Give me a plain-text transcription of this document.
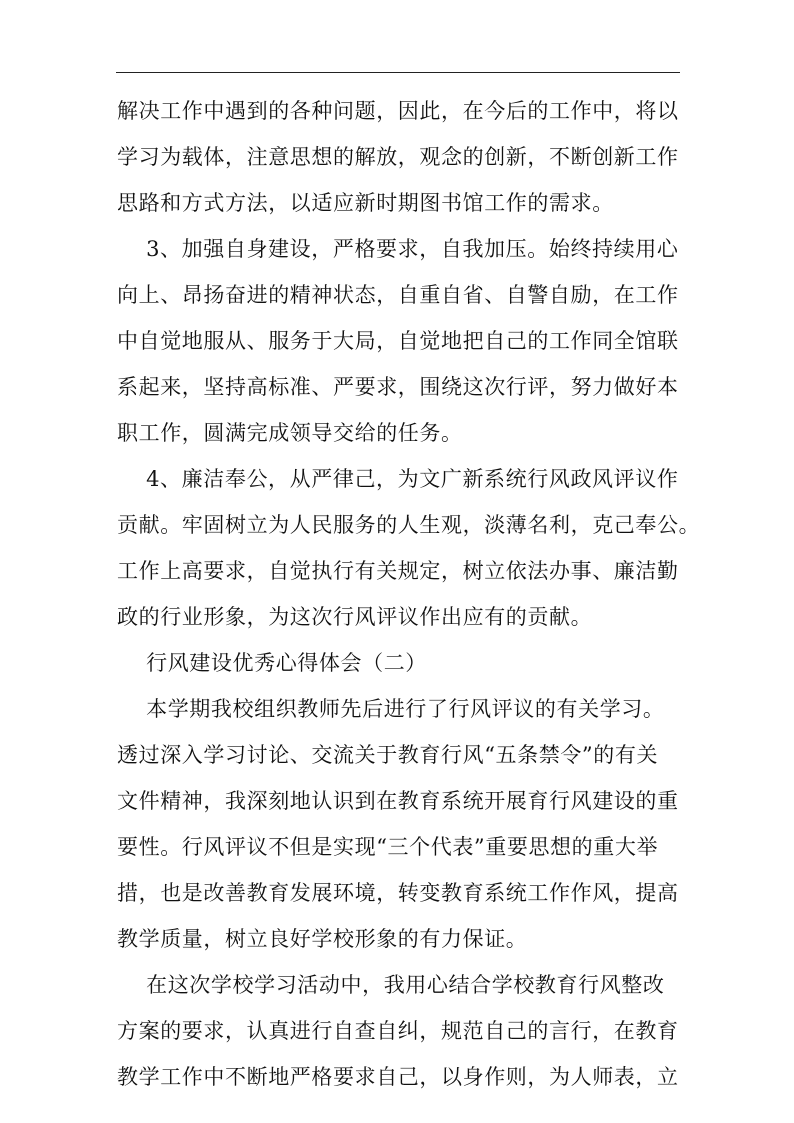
解决工作中遇到的各种问题，因此，在今后的工作中，将以
学习为载体，注意思想的解放，观念的创新，不断创新工作
思路和方式方法，以适应新时期图书馆工作的需求。
3、加强自身建设，严格要求，自我加压。始终持续用心
向上、昂扬奋进的精神状态，自重自省、自警自励，在工作
中自觉地服从、服务于大局，自觉地把自己的工作同全馆联
系起来，坚持高标准、严要求，围绕这次行评，努力做好本
职工作，圆满完成领导交给的任务。
4、廉洁奉公，从严律己，为文广新系统行风政风评议作
贡献。牢固树立为人民服务的人生观，淡薄名利，克己奉公。
工作上高要求，自觉执行有关规定，树立依法办事、廉洁勤
政的行业形象，为这次行风评议作出应有的贡献。
行风建设优秀心得体会（二）
本学期我校组织教师先后进行了行风评议的有关学习。
透过深入学习讨论、交流关于教育行风“五条禁令”的有关
文件精神，我深刻地认识到在教育系统开展育行风建设的重
要性。行风评议不但是实现“三个代表”重要思想的重大举
措，也是改善教育发展环境，转变教育系统工作作风，提高
教学质量，树立良好学校形象的有力保证。
在这次学校学习活动中，我用心结合学校教育行风整改
方案的要求，认真进行自查自纠，规范自己的言行，在教育
教学工作中不断地严格要求自己，以身作则，为人师表，立
